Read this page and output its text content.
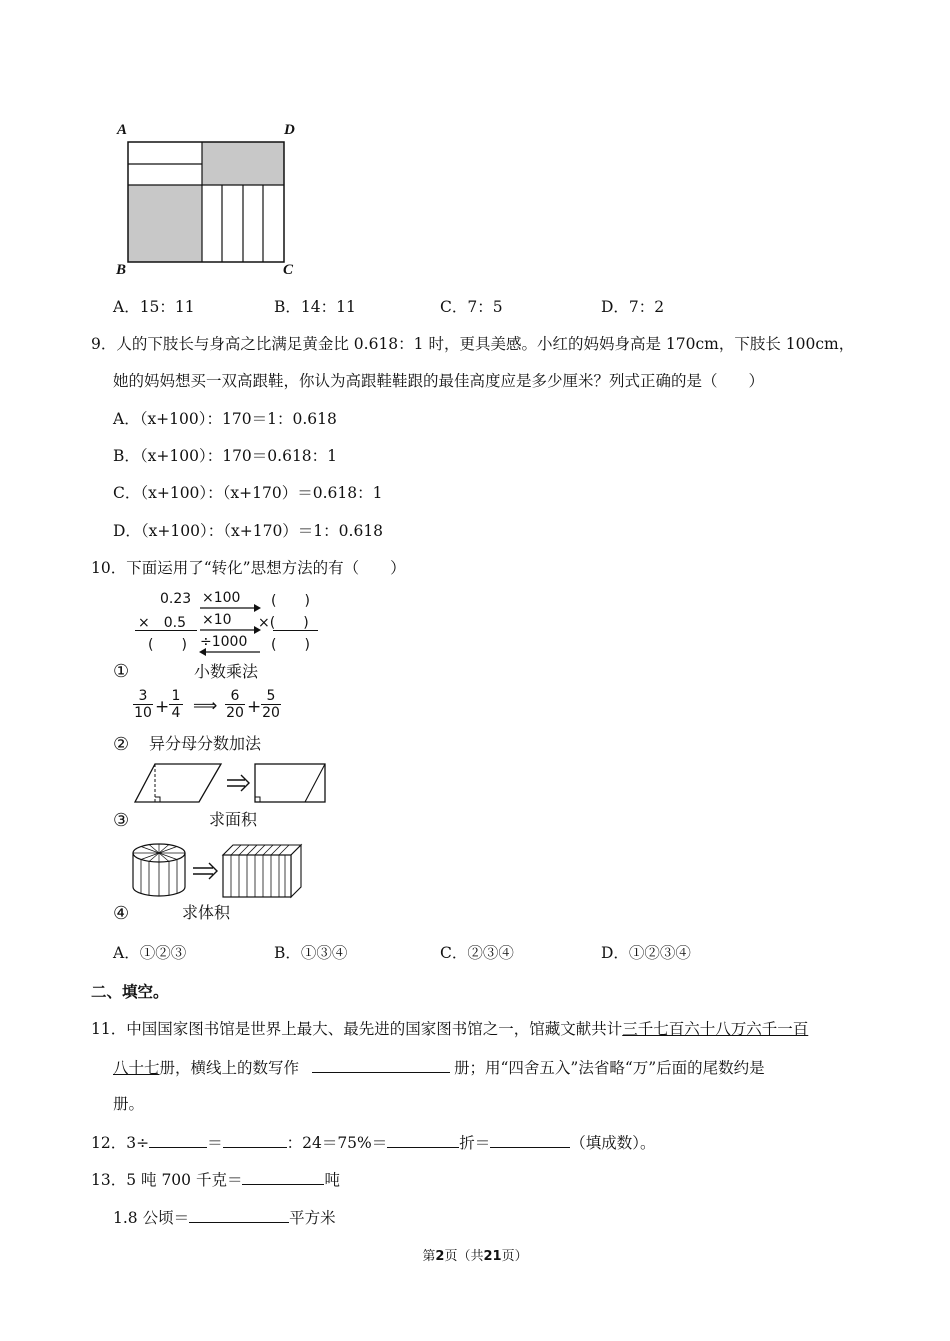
A	D
B	C
A．15：11	B．14：11	C．7：5	D．7：2
9．人的下肢长与身高之比满足黄金比 0.618：1 时，更具美感。小红的妈妈身高是 170cm，下肢长 100cm，
她的妈妈想买一双高跟鞋，你认为高跟鞋鞋跟的最佳高度应是多少厘米？列式正确的是（　　）
A．（x+100）：170＝1：0.618
B．（x+100）：170＝0.618：1
C．（x+100）：（x+170）＝0.618：1
D．（x+100）：（x+170）＝1：0.618
10．下面运用了“转化”思想方法的有（　　）
0.23
×　0.5
(　　)
×100
×10
÷1000
(　　)
×(　　)
(　　)
①	小数乘法
$\frac{3}{10} + \frac{1}{4}$ ⟹ $\frac{6}{20} + \frac{5}{20}$
② 异分母分数加法
③	求面积
④	求体积
A．①②③	B．①③④	C．②③④	D．①②③④
二、填空。
11．中国国家图书馆是世界上最大、最先进的国家图书馆之一，馆藏文献共计三千七百六十八万六千一百
八十七册，横线上的数写作	册；用“四舍五入”法省略“万”后面的尾数约是
册。
12．3÷	＝	：24＝75%＝	折＝	（填成数）。
13．5 吨 700 千克＝	吨
1.8 公顷＝	平方米
第2页（共21页）
